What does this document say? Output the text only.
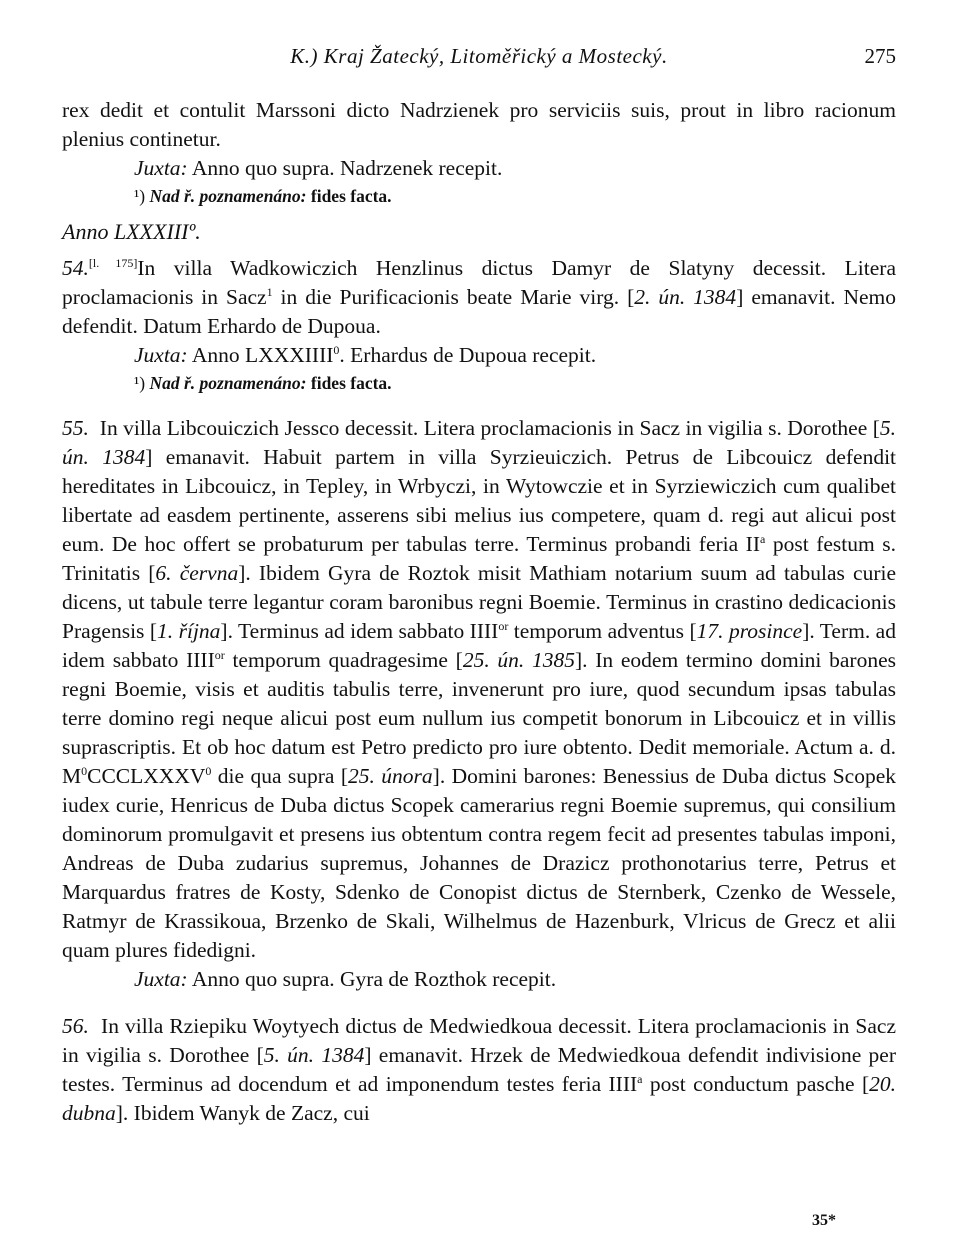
K.) Kraj Žatecký, Litoměřický a Mostecký.	275

rex dedit et contulit Marssoni dicto Nadrzienek pro serviciis suis, prout in libro racionum plenius continetur.

Juxta: Anno quo supra. Nadrzenek recepit.

¹) Nad ř. poznamenáno: fides facta.

Anno LXXXIIIº.

54.[l. 175]In villa Wadkowiczich Henzlinus dictus Damyr de Slatyny decessit. Litera proclamacionis in Sacz$^1$ in die Purificacionis beate Marie virg. [2. ún. 1384] emanavit. Nemo defendit. Datum Erhardo de Dupoua.

Juxta: Anno LXXXIIII$^0$. Erhardus de Dupoua recepit.

¹) Nad ř. poznamenáno: fides facta.

55. In villa Libcouiczich Jessco decessit. Litera proclamacionis in Sacz in vigilia s. Dorothee [5. ún. 1384] emanavit. Habuit partem in villa Syrzieuiczich. Petrus de Libcouicz defendit hereditates in Libcouicz, in Tepley, in Wrbyczi, in Wytowczie et in Syrziewiczich cum qualibet libertate ad easdem pertinente, asserens sibi melius ius competere, quam d. regi aut alicui post eum. De hoc offert se probaturum per tabulas terre. Terminus probandi feria $II^a$ post festum s. Trinitatis [6. června]. Ibidem Gyra de Roztok misit Mathiam notarium suum ad tabulas curie dicens, ut tabule terre legantur coram baronibus regni Boemie. Terminus in crastino dedicacionis Pragensis [1. října]. Terminus ad idem sabbato $IIII^{or}$ temporum adventus [17. prosince]. Term. ad idem sabbato $IIII^{or}$ temporum quadragesime [25. ún. 1385]. In eodem termino domini barones regni Boemie, visis et auditis tabulis terre, invenerunt pro iure, quod secundum ipsas tabulas terre domino regi neque alicui post eum nullum ius competit bonorum in Libcouicz et in villis suprascriptis. Et ob hoc datum est Petro predicto pro iure obtento. Dedit memoriale. Actum a. d. $M^0CCCLXXXV^0$ die qua supra [25. února]. Domini barones: Benessius de Duba dictus Scopek iudex curie, Henricus de Duba dictus Scopek camerarius regni Boemie supremus, qui consilium dominorum promulgavit et presens ius obtentum contra regem fecit ad presentes tabulas imponi, Andreas de Duba zudarius supremus, Johannes de Drazicz prothonotarius terre, Petrus et Marquardus fratres de Kosty, Sdenko de Conopist dictus de Sternberk, Czenko de Wessele, Ratmyr de Krassikoua, Brzenko de Skali, Wilhelmus de Hazenburk, Vlricus de Grecz et alii quam plures fidedigni.

Juxta: Anno quo supra. Gyra de Rozthok recepit.

56. In villa Rziepiku Woytyech dictus de Medwiedkoua decessit. Litera proclamacionis in Sacz in vigilia s. Dorothee [5. ún. 1384] emanavit. Hrzek de Medwiedkoua defendit indivisione per testes. Terminus ad docendum et ad imponendum testes feria IIII$^a$ post conductum pasche [20. dubna]. Ibidem Wanyk de Zacz, cui

35*
